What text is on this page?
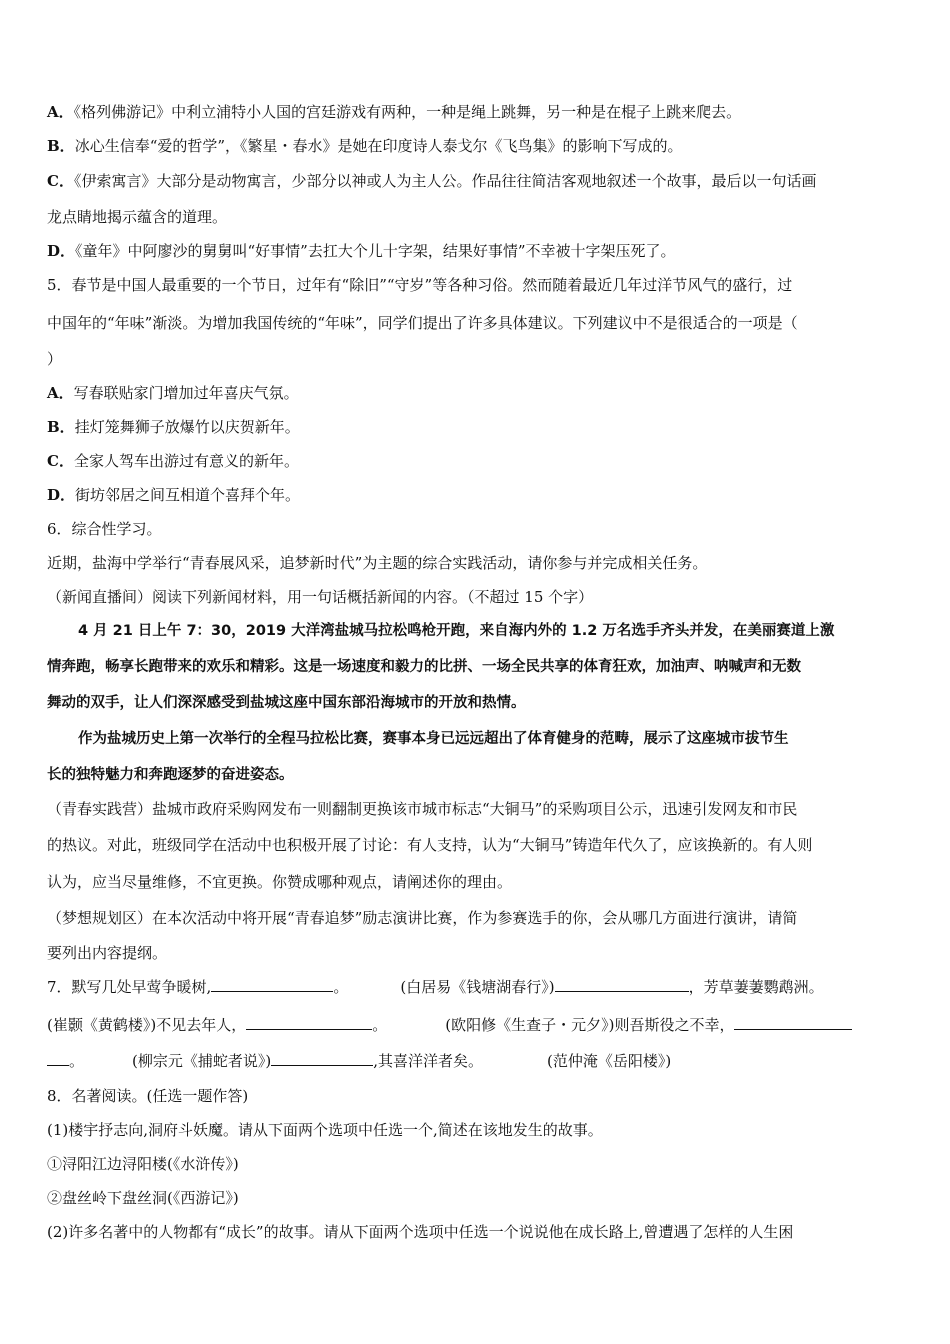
A．《格列佛游记》中利立浦特小人国的宫廷游戏有两种，一种是绳上跳舞，另一种是在棍子上跳来爬去。
B．冰心生信奉“爱的哲学”，《繁星・春水》是她在印度诗人泰戈尔《飞鸟集》的影响下写成的。
C．《伊索寓言》大部分是动物寓言，少部分以神或人为主人公。作品往往简洁客观地叙述一个故事，最后以一句话画
龙点睛地揭示蕴含的道理。
D．《童年》中阿廖沙的舅舅叫“好事情”去扛大个儿十字架，结果好事情”不幸被十字架压死了。
5．春节是中国人最重要的一个节日，过年有“除旧”“守岁”等各种习俗。然而随着最近几年过洋节风气的盛行，过
中国年的“年味”渐淡。为增加我国传统的“年味”，同学们提出了许多具体建议。下列建议中不是很适合的一项是（
）
A．写春联贴家门增加过年喜庆气氛。
B．挂灯笼舞狮子放爆竹以庆贺新年。
C．全家人驾车出游过有意义的新年。
D．街坊邻居之间互相道个喜拜个年。
6．综合性学习。
近期，盐海中学举行“青春展风采，追梦新时代”为主题的综合实践活动，请你参与并完成相关任务。
（新闻直播间）阅读下列新闻材料，用一句话概括新闻的内容。（不超过 15 个字）
4 月 21 日上午 7：30，2019 大洋湾盐城马拉松鸣枪开跑，来自海内外的 1.2 万名选手齐头并发，在美丽赛道上激
情奔跑，畅享长跑带来的欢乐和精彩。这是一场速度和毅力的比拼、一场全民共享的体育狂欢，加油声、呐喊声和无数
舞动的双手，让人们深深感受到盐城这座中国东部沿海城市的开放和热情。
作为盐城历史上第一次举行的全程马拉松比赛，赛事本身已远远超出了体育健身的范畴，展示了这座城市拔节生
长的独特魅力和奔跑逐梦的奋进姿态。
（青春实践营）盐城市政府采购网发布一则翻制更换该市城市标志“大铜马”的采购项目公示，迅速引发网友和市民
的热议。对此，班级同学在活动中也积极开展了讨论：有人支持，认为“大铜马”铸造年代久了，应该换新的。有人则
认为，应当尽量维修，不宜更换。你赞成哪种观点，请阐述你的理由。
（梦想规划区）在本次活动中将开展“青春追梦”励志演讲比赛，作为参赛选手的你，会从哪几方面进行演讲，请简
要列出内容提纲。
7．默写几处早莺争暖树,	。	(白居易《钱塘湖春行》)	，芳草萋萋鹦鹉洲。
(崔颢《黄鹤楼》)不见去年人，	。	(欧阳修《生查子・元夕》)则吾斯役之不幸，
。	(柳宗元《捕蛇者说》)	,其喜洋洋者矣。	(范仲淹《岳阳楼》)
8．名著阅读。(任选一题作答)
(1)楼宇抒志向,洞府斗妖魔。请从下面两个选项中任选一个,简述在该地发生的故事。
①浔阳江边浔阳楼(《水浒传》)
②盘丝岭下盘丝洞(《西游记》)
(2)许多名著中的人物都有“成长”的故事。请从下面两个选项中任选一个说说他在成长路上,曾遭遇了怎样的人生困
